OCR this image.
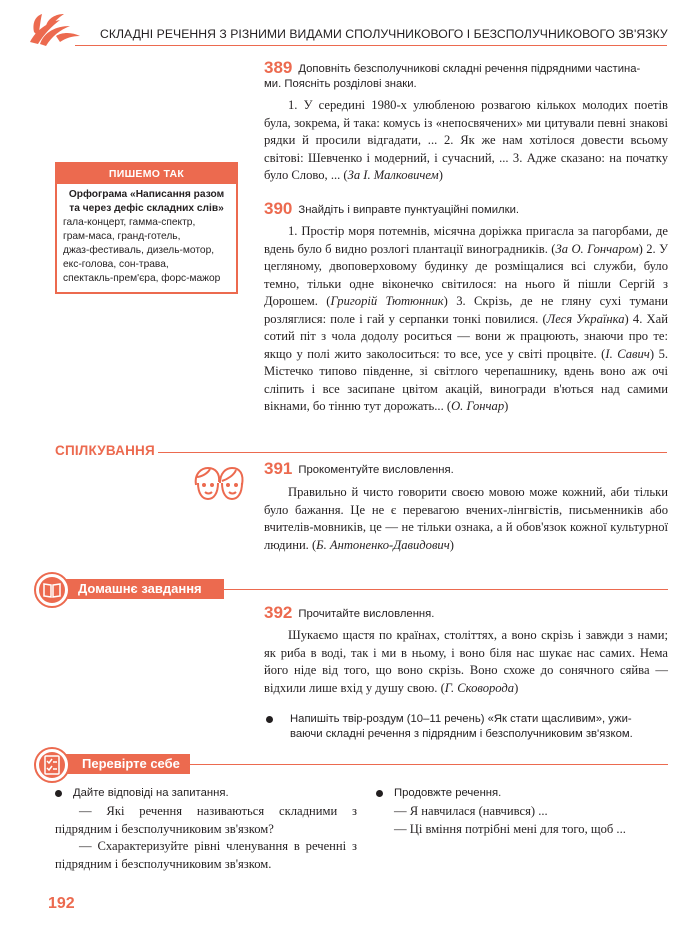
СКЛАДНІ РЕЧЕННЯ З РІЗНИМИ ВИДАМИ СПОЛУЧНИКОВОГО І БЕЗСПОЛУЧНИКОВОГО ЗВ'ЯЗКУ
ПИШЕМО ТАК
Орфограма «Написання разом
та через дефіс складних слів»
гала-концерт, гамма-спектр,
грам-маса, гранд-готель,
джаз-фестиваль, дизель-мотор,
екс-голова, сон-трава,
спектакль-прем'єра, форс-мажор
389 Доповніть безсполучникові складні речення підрядними частина-
ми. Поясніть розділові знаки.

1. У середині 1980-х улюбленою розвагою кількох молодих поетів була, зокрема, й така: комусь із «непосвячених» ми цитували певні знакові рядки й просили відгадати, ... 2. Як же нам хотілося довести всьому світові: Шевченко і модерний, і сучасний, ... 3. Адже сказано: на початку було Слово, ... (За І. Малковичем)

390 Знайдіть і виправте пунктуаційні помилки.

1. Простір моря потемнів, місячна доріжка пригасла за пагорбами, де вдень було б видно розлогі плантації виноградників. (За О. Гончаром) 2. У цегляному, двоповерховому будинку де розміщалися всі служби, було темно, тільки одне віконечко світилося: на нього й пішли Сергій з Дорошем. (Григорій Тютюнник) 3. Скрізь, де не гляну сухі тумани розляглися: поле і гай у серпанки тонкі повилися. (Леся Українка) 4. Хай сотий піт з чола додолу роситься — вони ж працюють, знаючи про те: якщо у полі жито заколоситься: то все, усе у світі процвіте. (І. Савич) 5. Містечко типово південне, зі світлого черепашнику, вдень воно аж очі сліпить і все засипане цвітом акацій, виногради в'ються над самими вікнами, бо тінню тут дорожать... (О. Гончар)

СПІЛКУВАННЯ
391 Прокоментуйте висловлення.

Правильно й чисто говорити своєю мовою може кожний, аби тільки було бажання. Це не є перевагою вчених-лінгвістів, письменників або вчителів-мовників, це — не тільки ознака, а й обов'язок кожної культурної людини. (Б. Антоненко-Давидович)

Домашнє завдання
392 Прочитайте висловлення.

Шукаємо щастя по країнах, століттях, а воно скрізь і завжди з нами; як риба в воді, так і ми в ньому, і воно біля нас шукає нас самих. Нема його ніде від того, що воно скрізь. Воно схоже до сонячного сяйва — відхили лише вхід у душу свою. (Г. Сковорода)

Напишіть твір-роздум (10–11 речень) «Як стати щасливим», ужи-
ваючи складні речення з підрядним і безсполучниковим зв'язком.
Перевірте себе
Дайте відповіді на запитання.

— Які речення називаються складними з підрядним і безсполучниковим зв'язком?

— Схарактеризуйте рівні членування в реченні з підрядним і безсполучниковим зв'язком.

Продовжте речення.

— Я навчилася (навчився) ...

— Ці вміння потрібні мені для того, щоб ...

192
